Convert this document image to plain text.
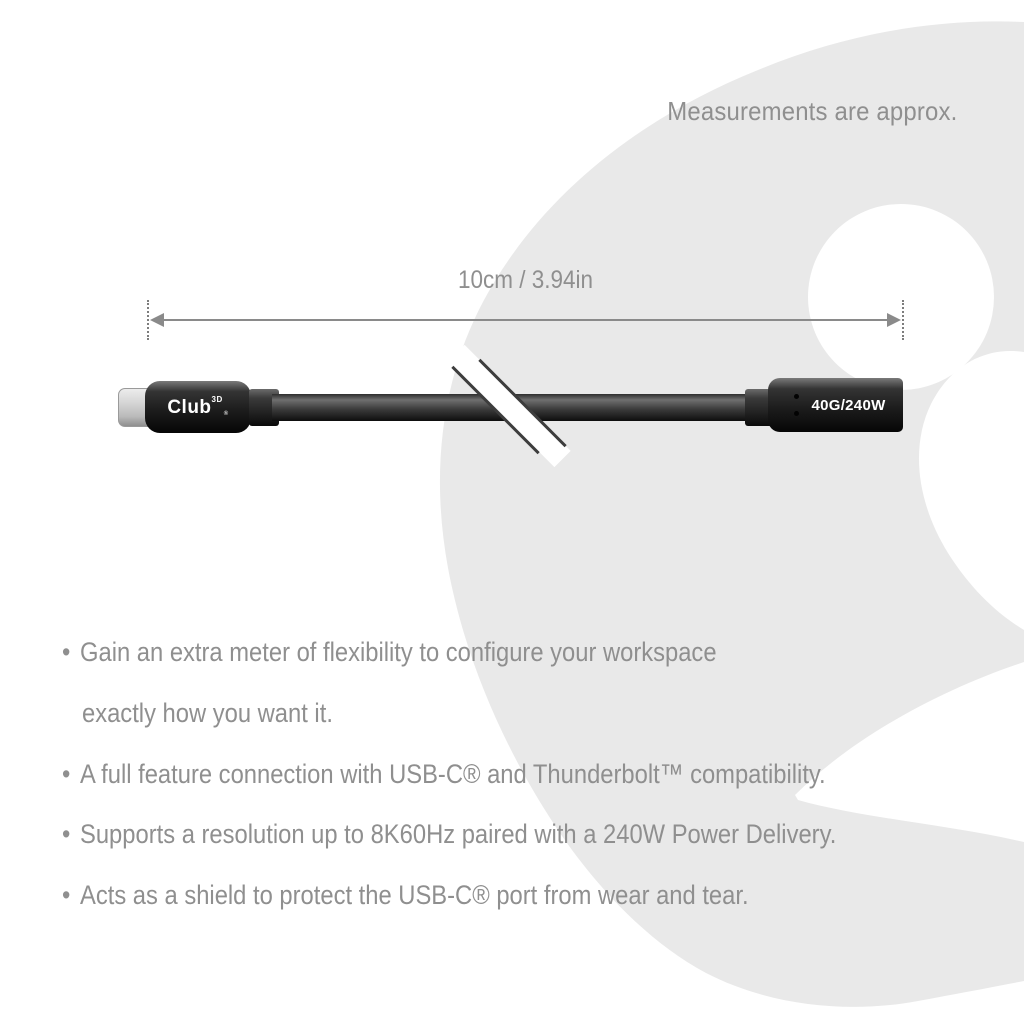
Measurements are approx.
10cm / 3.94in
Club$^{3D}$
®	40G/240W
• Gain an extra meter of flexibility to configure your workspace
exactly how you want it.
• A full feature connection with USB-C® and Thunderbolt™ compatibility.
• Supports a resolution up to 8K60Hz paired with a 240W Power Delivery.
• Acts as a shield to protect the USB-C® port from wear and tear.
